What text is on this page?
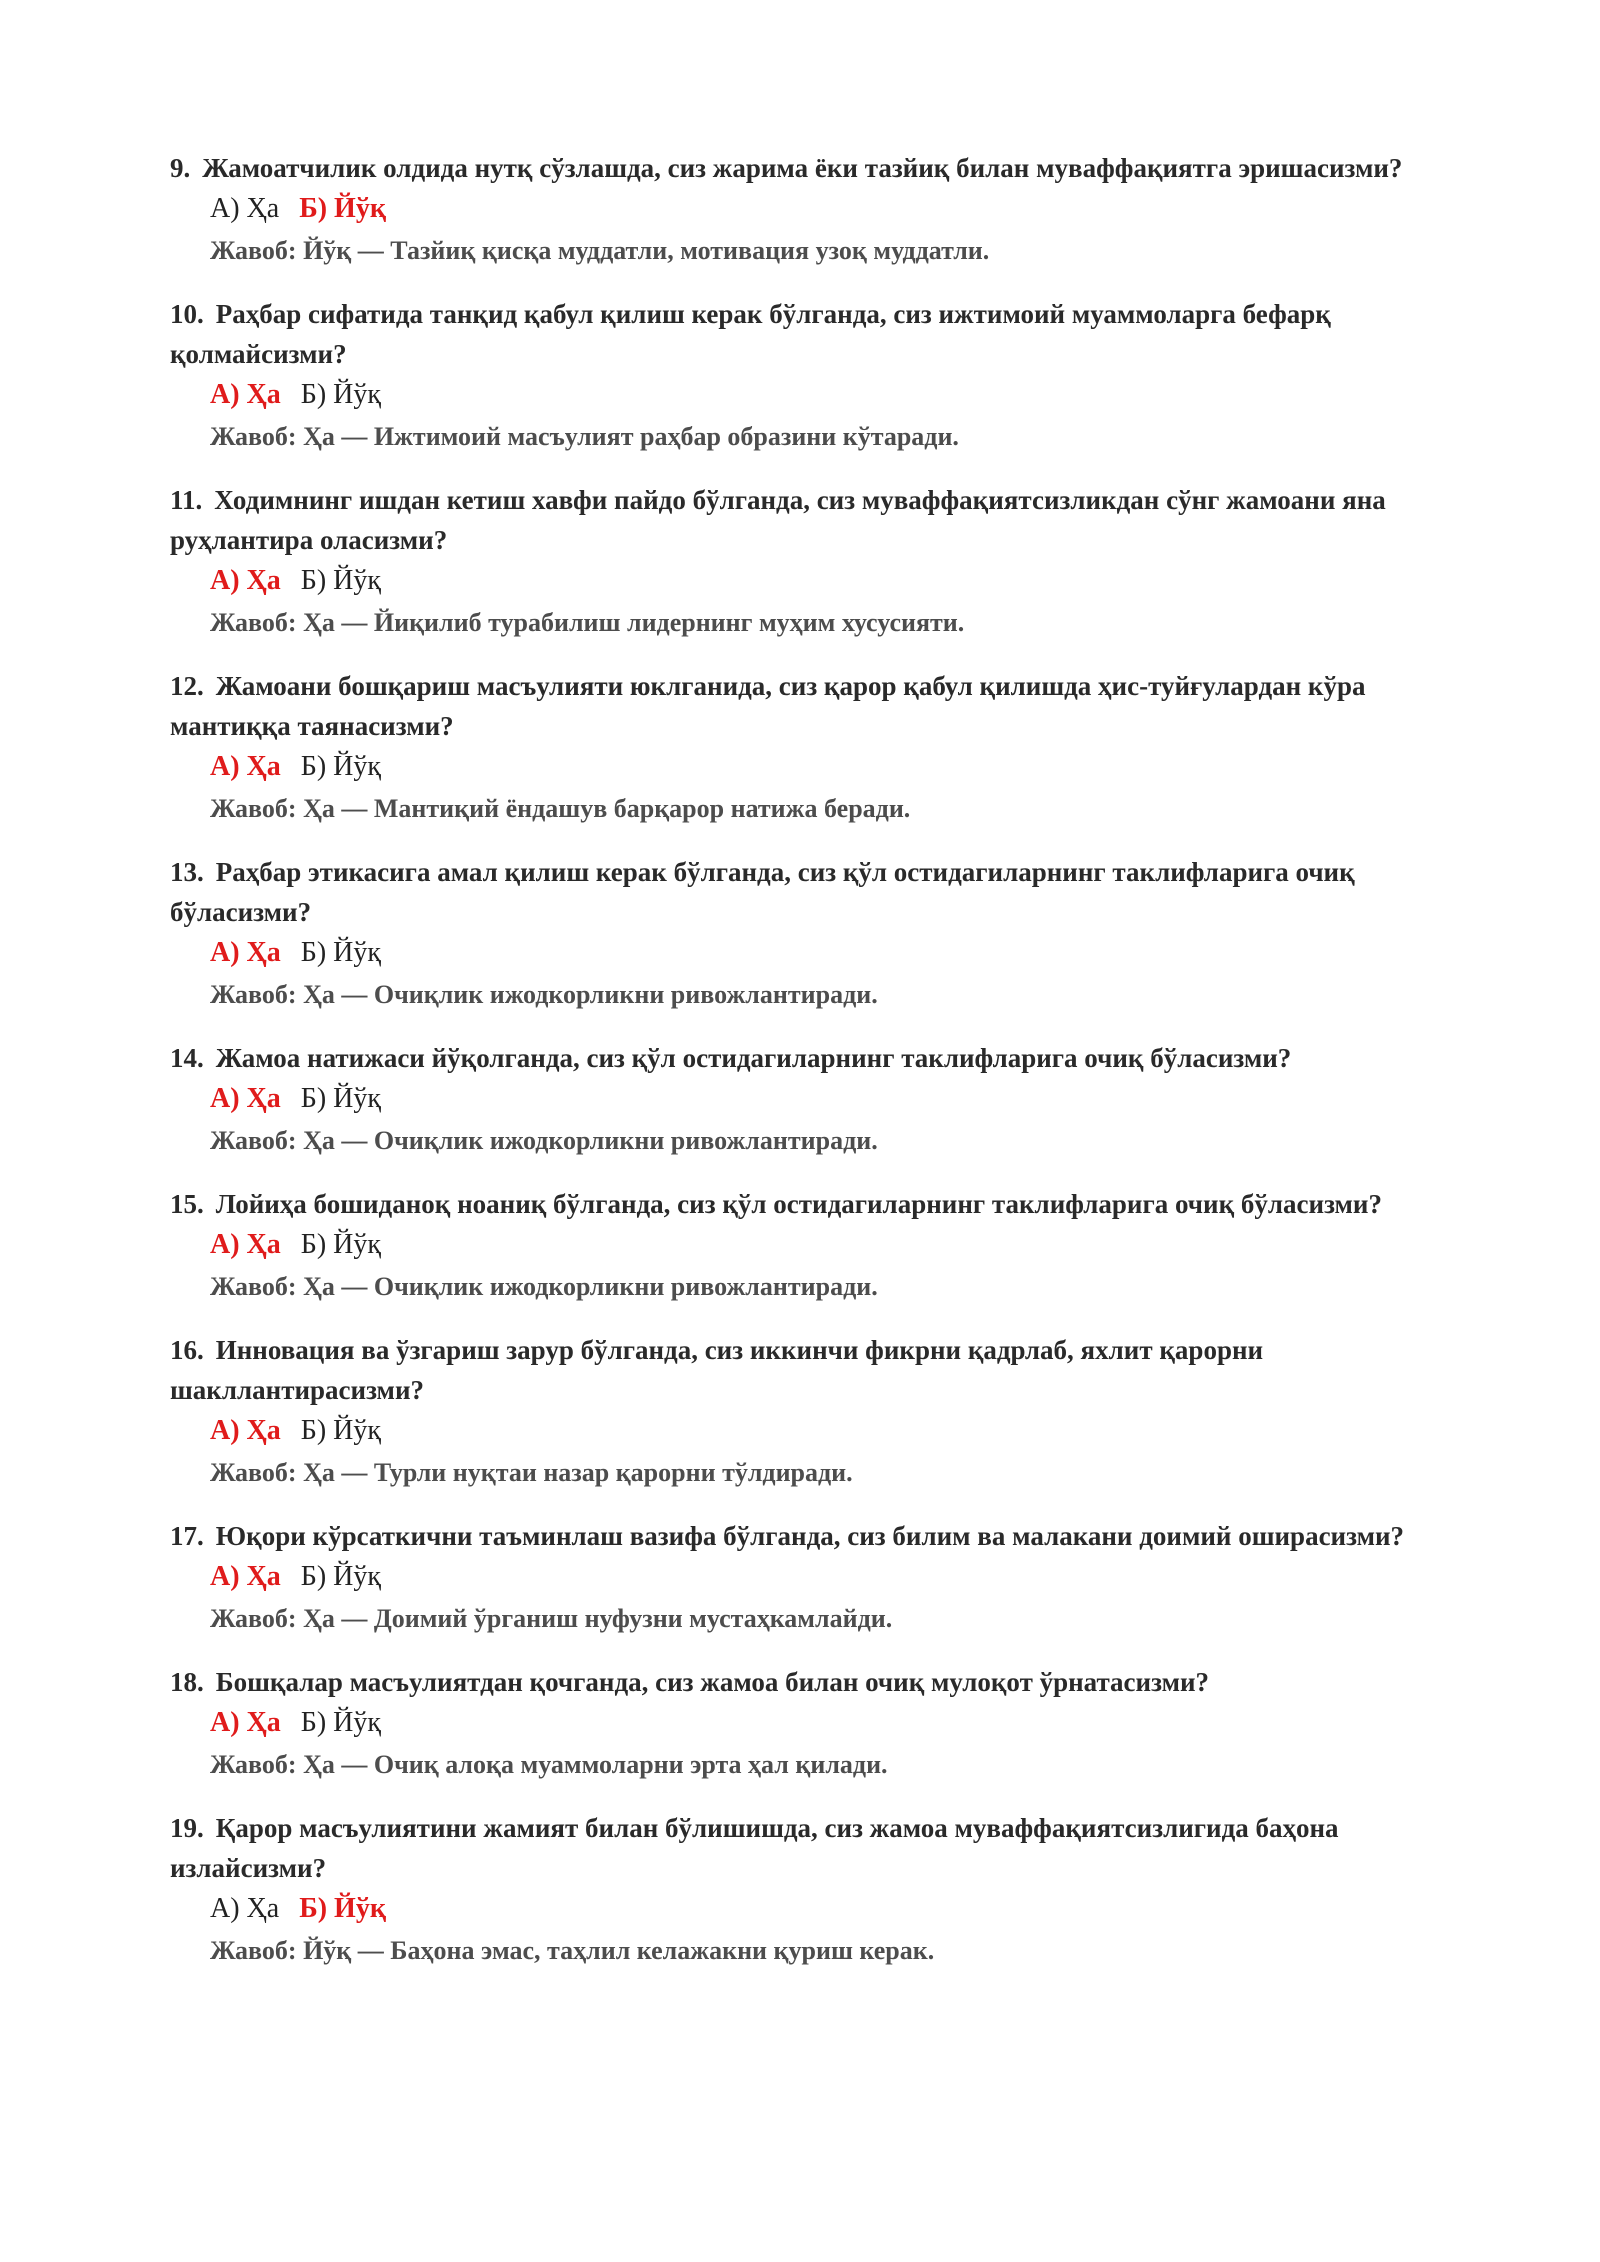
9. Жамоатчилик олдида нутқ сўзлашда, сиз жарима ёки тазйиқ билан муваффақиятга эришасизми?

А) Ҳа Б) Йўқ
Жавоб: Йўқ — Тазйиқ қисқа муддатли, мотивация узоқ муддатли.

10. Раҳбар сифатида танқид қабул қилиш керак бўлганда, сиз ижтимоий муаммоларга бефарқ қолмайсизми?

А) Ҳа Б) Йўқ
Жавоб: Ҳа — Ижтимоий масъулият раҳбар образини кўтаради.

11. Ходимнинг ишдан кетиш хавфи пайдо бўлганда, сиз муваффақиятсизликдан сўнг жамоани яна руҳлантира оласизми?

А) Ҳа Б) Йўқ
Жавоб: Ҳа — Йиқилиб турабилиш лидернинг муҳим хусусияти.

12. Жамоани бошқариш масъулияти юклганида, сиз қарор қабул қилишда ҳис-туйғулардан кўра мантиққа таянасизми?

А) Ҳа Б) Йўқ
Жавоб: Ҳа — Мантиқий ёндашув барқарор натижа беради.

13. Раҳбар этикасига амал қилиш керак бўлганда, сиз қўл остидагиларнинг таклифларига очиқ бўласизми?

А) Ҳа Б) Йўқ
Жавоб: Ҳа — Очиқлик ижодкорликни ривожлантиради.

14. Жамоа натижаси йўқолганда, сиз қўл остидагиларнинг таклифларига очиқ бўласизми?

А) Ҳа Б) Йўқ
Жавоб: Ҳа — Очиқлик ижодкорликни ривожлантиради.

15. Лойиҳа бошиданоқ ноаниқ бўлганда, сиз қўл остидагиларнинг таклифларига очиқ бўласизми?

А) Ҳа Б) Йўқ
Жавоб: Ҳа — Очиқлик ижодкорликни ривожлантиради.

16. Инновация ва ўзгариш зарур бўлганда, сиз иккинчи фикрни қадрлаб, яхлит қарорни шакллантирасизми?

А) Ҳа Б) Йўқ
Жавоб: Ҳа — Турли нуқтаи назар қарорни тўлдиради.

17. Юқори кўрсаткични таъминлаш вазифа бўлганда, сиз билим ва малакани доимий оширасизми?

А) Ҳа Б) Йўқ
Жавоб: Ҳа — Доимий ўрганиш нуфузни мустаҳкамлайди.

18. Бошқалар масъулиятдан қочганда, сиз жамоа билан очиқ мулоқот ўрнатасизми?

А) Ҳа Б) Йўқ
Жавоб: Ҳа — Очиқ алоқа муаммоларни эрта ҳал қилади.

19. Қарор масъулиятини жамият билан бўлишишда, сиз жамоа муваффақиятсизлигида баҳона излайсизми?

А) Ҳа Б) Йўқ
Жавоб: Йўқ — Баҳона эмас, таҳлил келажакни қуриш керак.
